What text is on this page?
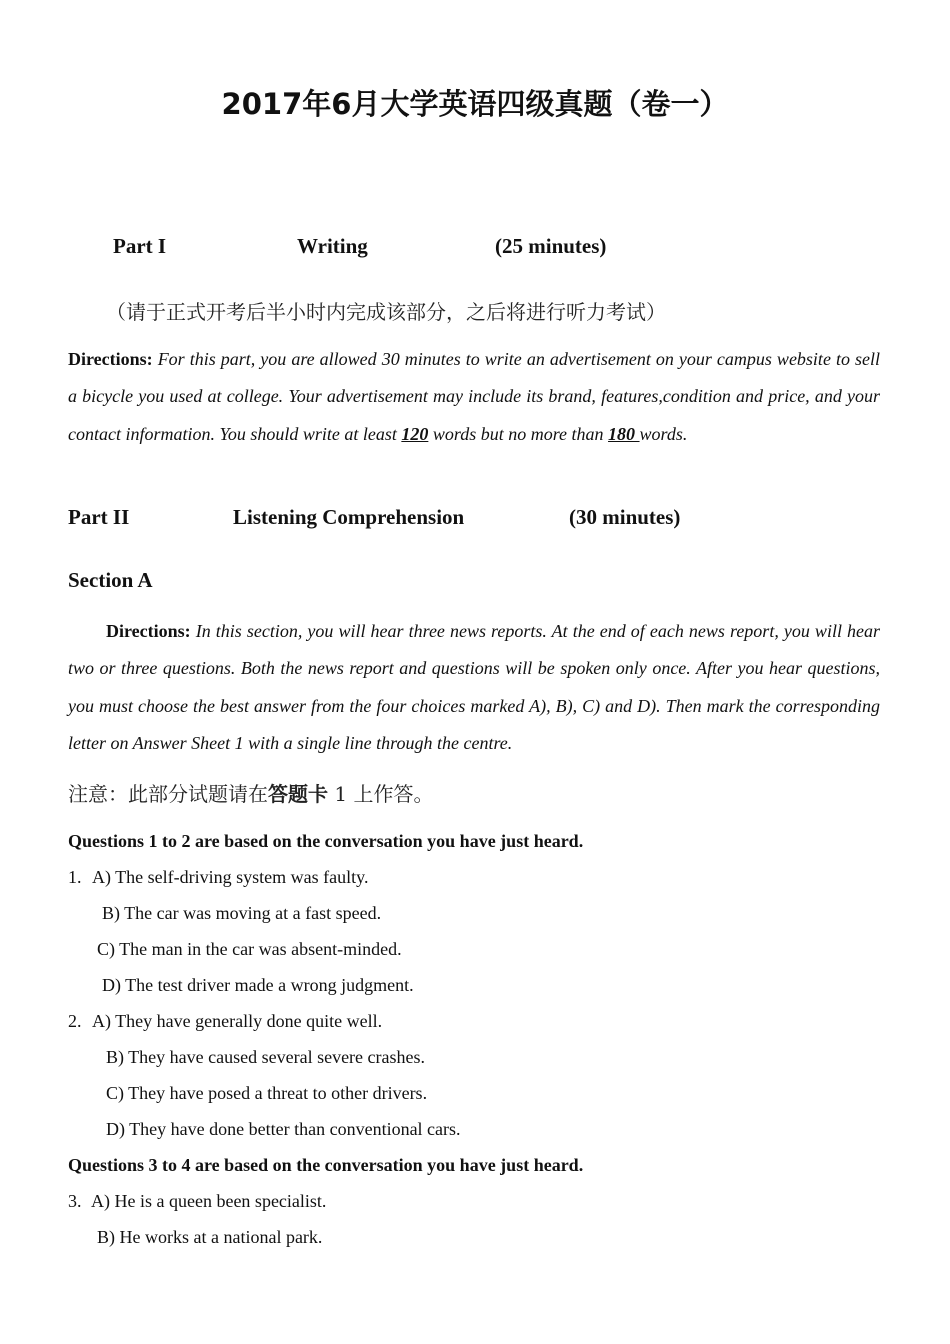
2017年6月大学英语四级真题（卷一）
Part I	Writing	(25 minutes)
（请于正式开考后半小时内完成该部分，之后将进行听力考试）
Directions: For this part, you are allowed 30 minutes to write an advertisement on your campus website to sell a bicycle you used at college. Your advertisement may include its brand, features,condition and price, and your contact information. You should write at least 120 words but no more than 180 words.
Part II	Listening Comprehension	(30 minutes)
Section A
Directions: In this section, you will hear three news reports. At the end of each news report, you will hear two or three questions. Both the news report and questions will be spoken only once. After you hear questions, you must choose the best answer from the four choices marked A), B), C) and D). Then mark the corresponding letter on Answer Sheet 1 with a single line through the centre.
注意：此部分试题请在答题卡 1 上作答。
Questions 1 to 2 are based on the conversation you have just heard.
1. A) The self-driving system was faulty.
B) The car was moving at a fast speed.
C) The man in the car was absent-minded.
D) The test driver made a wrong judgment.
2. A) They have generally done quite well.
B) They have caused several severe crashes.
C) They have posed a threat to other drivers.
D) They have done better than conventional cars.
Questions 3 to 4 are based on the conversation you have just heard.
3. A) He is a queen been specialist.
B) He works at a national park.
